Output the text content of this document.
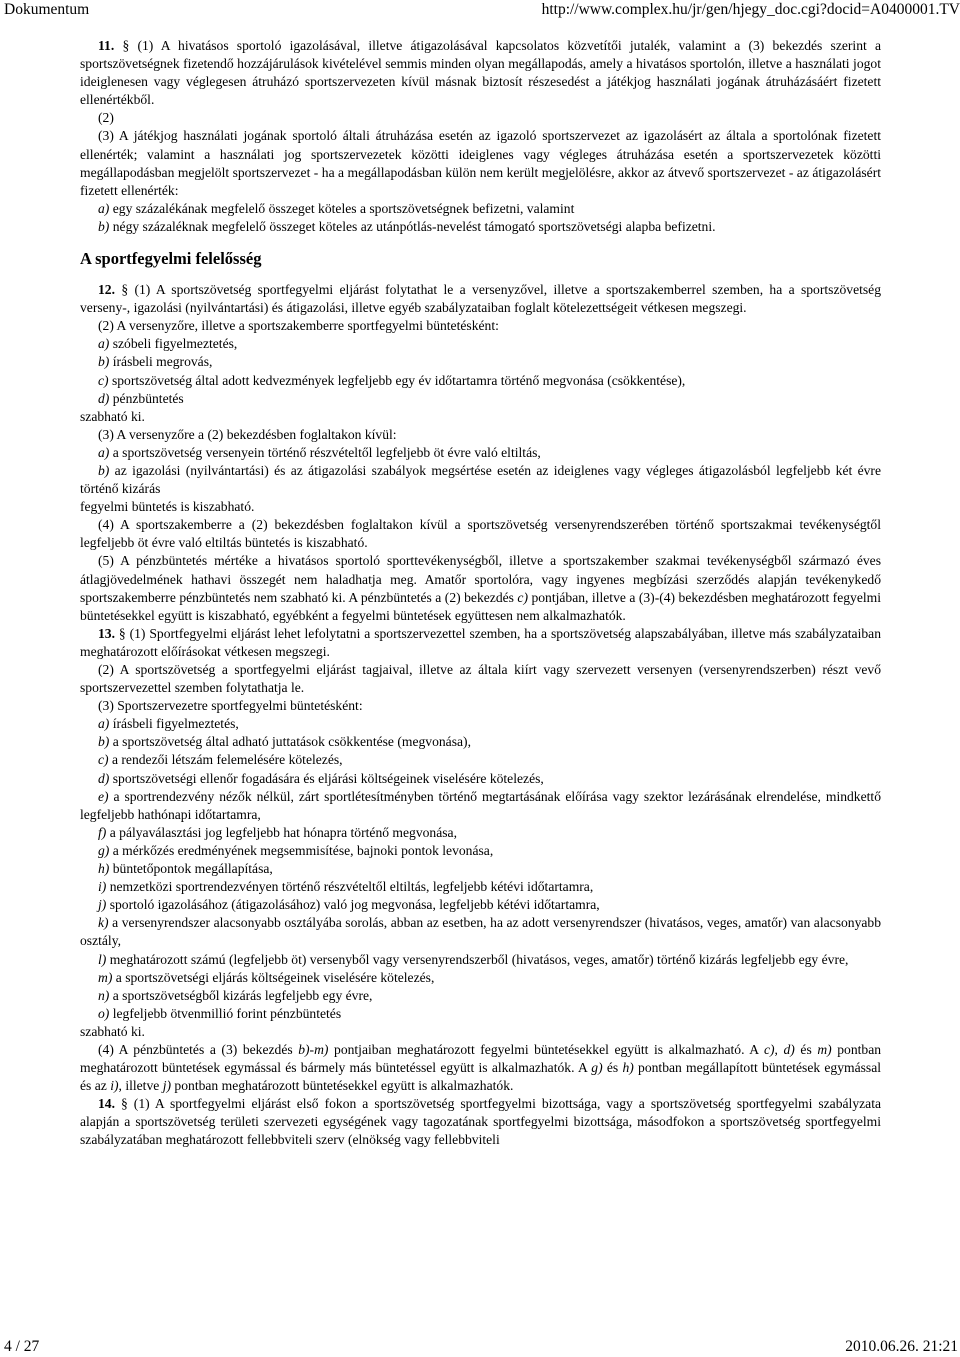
Dokumentum	http://www.complex.hu/jr/gen/hjegy_doc.cgi?docid=A0400001.TV

11. § (1) A hivatásos sportoló igazolásával, illetve átigazolásával kapcsolatos közvetítői jutalék, valamint a (3) bekezdés szerint a sportszövetségnek fizetendő hozzájárulások kivételével semmis minden olyan megállapodás, amely a hivatásos sportolón, illetve a használati jogot ideiglenesen vagy véglegesen átruházó sportszervezeten kívül másnak biztosít részesedést a játékjog használati jogának átruházásáért fizetett ellenértékből.

(2)

(3) A játékjog használati jogának sportoló általi átruházása esetén az igazoló sportszervezet az igazolásért az általa a sportolónak fizetett ellenérték; valamint a használati jog sportszervezetek közötti ideiglenes vagy végleges átruházása esetén a sportszervezetek közötti megállapodásban megjelölt sportszervezet - ha a megállapodásban külön nem került megjelölésre, akkor az átvevő sportszervezet - az átigazolásért fizetett ellenérték:

a) egy százalékának megfelelő összeget köteles a sportszövetségnek befizetni, valamint

b) négy százaléknak megfelelő összeget köteles az utánpótlás-nevelést támogató sportszövetségi alapba befizetni.

A sportfegyelmi felelősség

12. § (1) A sportszövetség sportfegyelmi eljárást folytathat le a versenyzővel, illetve a sportszakemberrel szemben, ha a sportszövetség verseny-, igazolási (nyilvántartási) és átigazolási, illetve egyéb szabályzataiban foglalt kötelezettségeit vétkesen megszegi.

(2) A versenyzőre, illetve a sportszakemberre sportfegyelmi büntetésként:

a) szóbeli figyelmeztetés,

b) írásbeli megrovás,

c) sportszövetség által adott kedvezmények legfeljebb egy év időtartamra történő megvonása (csökkentése),

d) pénzbüntetés

szabható ki.

(3) A versenyzőre a (2) bekezdésben foglaltakon kívül:

a) a sportszövetség versenyein történő részvételtől legfeljebb öt évre való eltiltás,

b) az igazolási (nyilvántartási) és az átigazolási szabályok megsértése esetén az ideiglenes vagy végleges átigazolásból legfeljebb két évre történő kizárás

fegyelmi büntetés is kiszabható.

(4) A sportszakemberre a (2) bekezdésben foglaltakon kívül a sportszövetség versenyrendszerében történő sportszakmai tevékenységtől legfeljebb öt évre való eltiltás büntetés is kiszabható.

(5) A pénzbüntetés mértéke a hivatásos sportoló sporttevékenységből, illetve a sportszakember szakmai tevékenységből származó éves átlagjövedelmének hathavi összegét nem haladhatja meg. Amatőr sportolóra, vagy ingyenes megbízási szerződés alapján tevékenykedő sportszakemberre pénzbüntetés nem szabható ki. A pénzbüntetés a (2) bekezdés c) pontjában, illetve a (3)-(4) bekezdésben meghatározott fegyelmi büntetésekkel együtt is kiszabható, egyébként a fegyelmi büntetések együttesen nem alkalmazhatók.

13. § (1) Sportfegyelmi eljárást lehet lefolytatni a sportszervezettel szemben, ha a sportszövetség alapszabályában, illetve más szabályzataiban meghatározott előírásokat vétkesen megszegi.

(2) A sportszövetség a sportfegyelmi eljárást tagjaival, illetve az általa kiírt vagy szervezett versenyen (versenyrendszerben) részt vevő sportszervezettel szemben folytathatja le.

(3) Sportszervezetre sportfegyelmi büntetésként:

a) írásbeli figyelmeztetés,

b) a sportszövetség által adható juttatások csökkentése (megvonása),

c) a rendezői létszám felemelésére kötelezés,

d) sportszövetségi ellenőr fogadására és eljárási költségeinek viselésére kötelezés,

e) a sportrendezvény nézők nélkül, zárt sportlétesítményben történő megtartásának előírása vagy szektor lezárásának elrendelése, mindkettő legfeljebb hathónapi időtartamra,

f) a pályaválasztási jog legfeljebb hat hónapra történő megvonása,

g) a mérkőzés eredményének megsemmisítése, bajnoki pontok levonása,

h) büntetőpontok megállapítása,

i) nemzetközi sportrendezvényen történő részvételtől eltiltás, legfeljebb kétévi időtartamra,

j) sportoló igazolásához (átigazolásához) való jog megvonása, legfeljebb kétévi időtartamra,

k) a versenyrendszer alacsonyabb osztályába sorolás, abban az esetben, ha az adott versenyrendszer (hivatásos, veges, amatőr) van alacsonyabb osztály,

l) meghatározott számú (legfeljebb öt) versenyből vagy versenyrendszerből (hivatásos, veges, amatőr) történő kizárás legfeljebb egy évre,

m) a sportszövetségi eljárás költségeinek viselésére kötelezés,

n) a sportszövetségből kizárás legfeljebb egy évre,

o) legfeljebb ötvenmillió forint pénzbüntetés

szabható ki.

(4) A pénzbüntetés a (3) bekezdés b)-m) pontjaiban meghatározott fegyelmi büntetésekkel együtt is alkalmazható. A c), d) és m) pontban meghatározott büntetések egymással és bármely más büntetéssel együtt is alkalmazhatók. A g) és h) pontban megállapított büntetések egymással és az i), illetve j) pontban meghatározott büntetésekkel együtt is alkalmazhatók.

14. § (1) A sportfegyelmi eljárást első fokon a sportszövetség sportfegyelmi bizottsága, vagy a sportszövetség sportfegyelmi szabályzata alapján a sportszövetség területi szervezeti egységének vagy tagozatának sportfegyelmi bizottsága, másodfokon a sportszövetség sportfegyelmi szabályzatában meghatározott fellebbviteli szerv (elnökség vagy fellebbviteli

4 / 27	2010.06.26. 21:21
